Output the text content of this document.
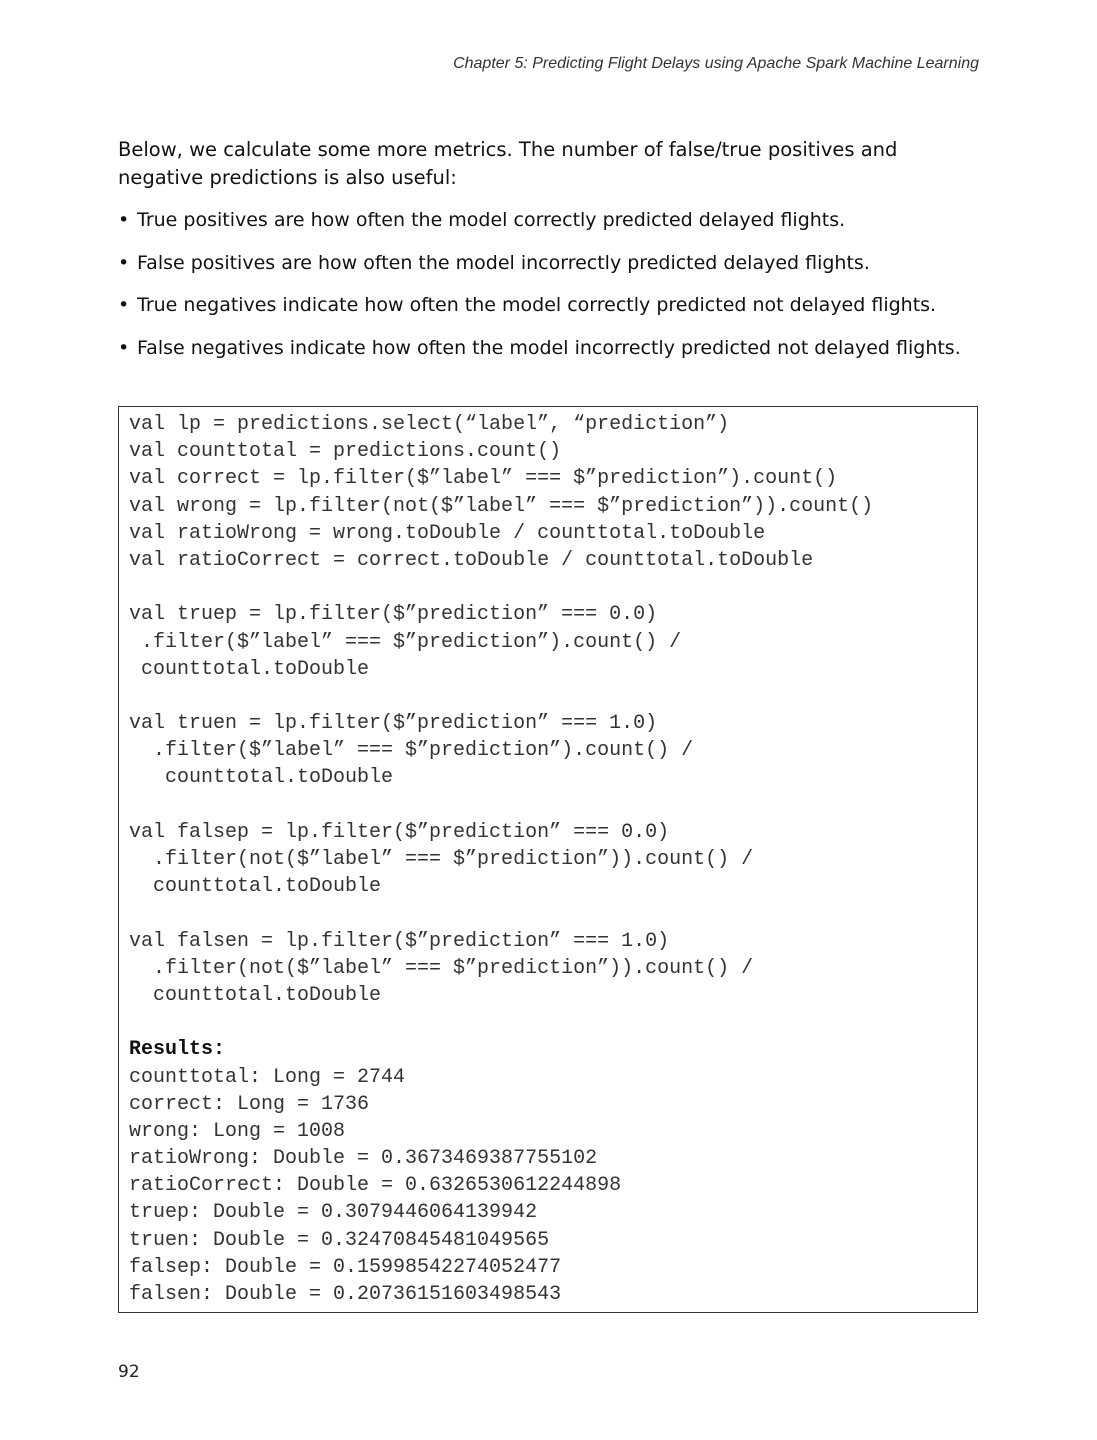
Chapter 5: Predicting Flight Delays using Apache Spark Machine Learning

Below, we calculate some more metrics. The number of false/true positives and negative predictions is also useful:

• True positives are how often the model correctly predicted delayed flights.
• False positives are how often the model incorrectly predicted delayed flights.
• True negatives indicate how often the model correctly predicted not delayed flights.
• False negatives indicate how often the model incorrectly predicted not delayed flights.
val lp = predictions.select(“label”, “prediction”)
val counttotal = predictions.count()
val correct = lp.filter($”label” === $”prediction”).count()
val wrong = lp.filter(not($”label” === $”prediction”)).count()
val ratioWrong = wrong.toDouble / counttotal.toDouble
val ratioCorrect = correct.toDouble / counttotal.toDouble
val truep = lp.filter($”prediction” === 0.0)
.filter($”label” === $”prediction”).count() /
counttotal.toDouble
val truen = lp.filter($”prediction” === 1.0)
.filter($”label” === $”prediction”).count() /
counttotal.toDouble
val falsep = lp.filter($”prediction” === 0.0)
.filter(not($”label” === $”prediction”)).count() /
counttotal.toDouble
val falsen = lp.filter($”prediction” === 1.0)
.filter(not($”label” === $”prediction”)).count() /
counttotal.toDouble
Results:
counttotal: Long = 2744
correct: Long = 1736
wrong: Long = 1008
ratioWrong: Double = 0.3673469387755102
ratioCorrect: Double = 0.6326530612244898
truep: Double = 0.3079446064139942
truen: Double = 0.32470845481049565
falsep: Double = 0.15998542274052477
falsen: Double = 0.20736151603498543
92
